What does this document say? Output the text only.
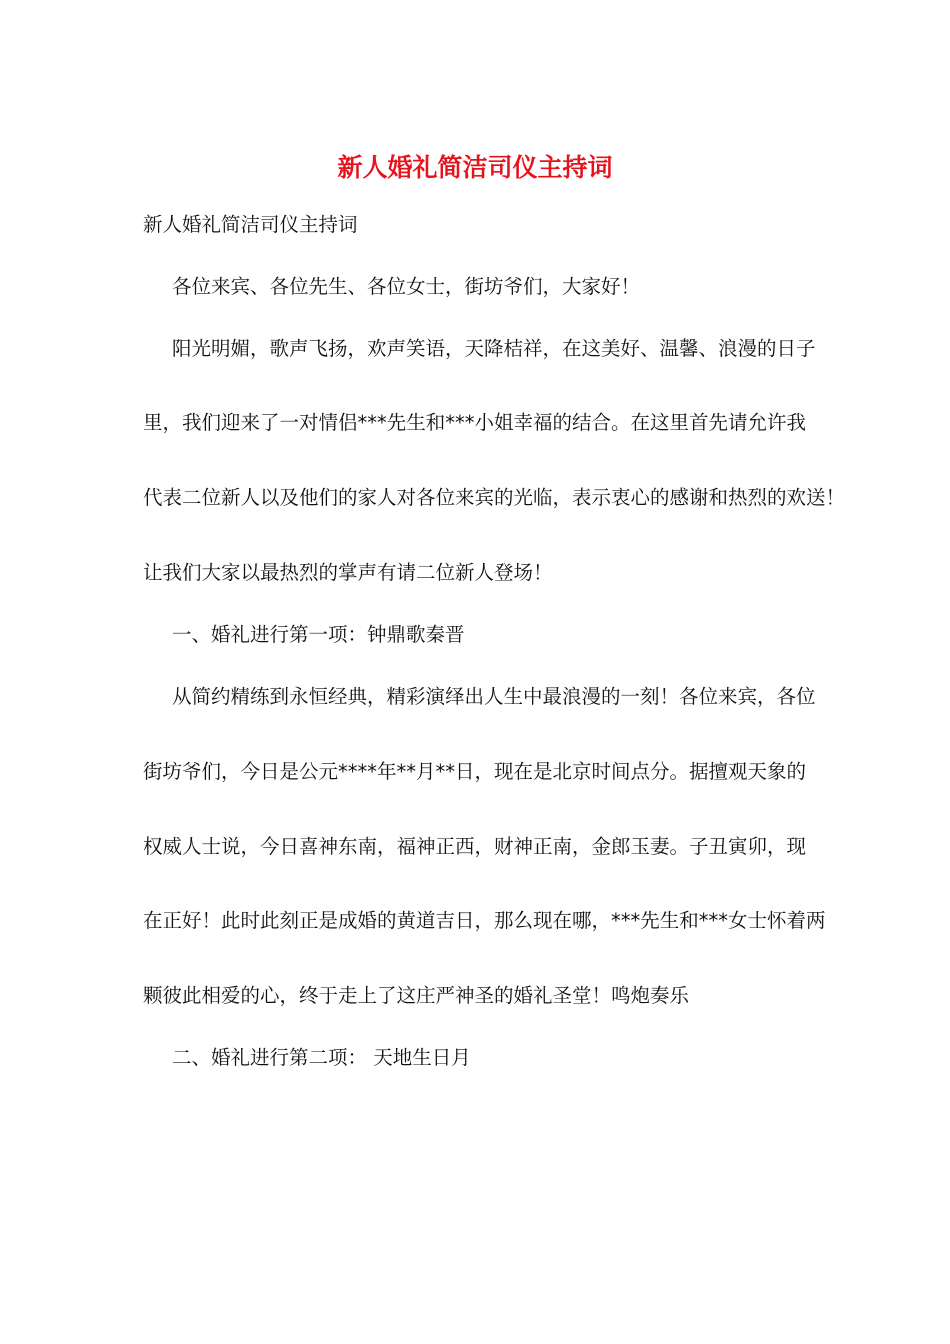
新人婚礼简洁司仪主持词
新人婚礼简洁司仪主持词
各位来宾、各位先生、各位女士，街坊爷们，大家好！
阳光明媚，歌声飞扬，欢声笑语，天降桔祥，在这美好、温馨、浪漫的日子
里，我们迎来了一对情侣***先生和***小姐幸福的结合。在这里首先请允许我
代表二位新人以及他们的家人对各位来宾的光临，表示衷心的感谢和热烈的欢送！
让我们大家以最热烈的掌声有请二位新人登场！
一、婚礼进行第一项：钟鼎歌秦晋
从简约精练到永恒经典，精彩演绎出人生中最浪漫的一刻！各位来宾，各位
街坊爷们，今日是公元****年**月**日，现在是北京时间点分。据擅观天象的
权威人士说，今日喜神东南，福神正西，财神正南，金郎玉妻。子丑寅卯，现
在正好！此时此刻正是成婚的黄道吉日，那么现在哪，***先生和***女士怀着两
颗彼此相爱的心，终于走上了这庄严神圣的婚礼圣堂！鸣炮奏乐
二、婚礼进行第二项： 天地生日月
